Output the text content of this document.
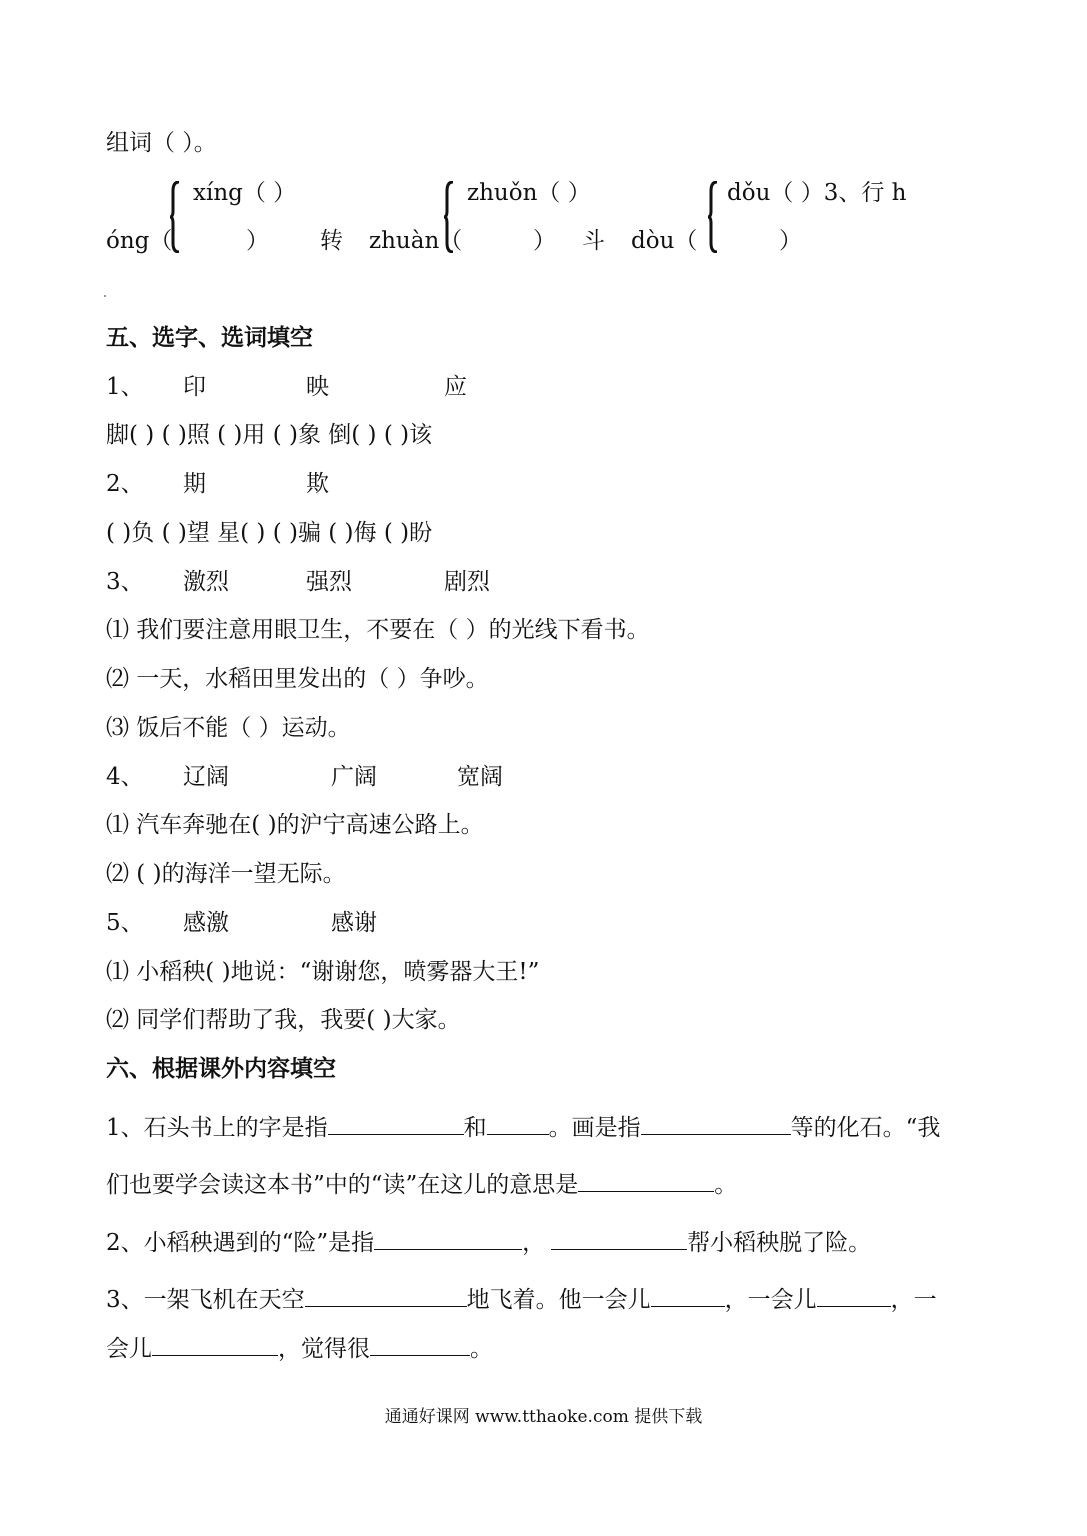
组词（ ）。
xíng（ ）	zhuǒn（ ）	dǒu（ ）3、行 h
óng（	） 转 zhuàn（	） 斗 dòu（	）
五、选字、选词填空
1、 印	映	应
脚( ) ( )照 ( )用 ( )象 倒( ) ( )该
2、 期	欺
( )负 ( )望 星( ) ( )骗 ( )侮 ( )盼
3、 激烈	强烈	剧烈
⑴ 我们要注意用眼卫生，不要在（ ）的光线下看书。
⑵ 一天，水稻田里发出的（ ）争吵。
⑶ 饭后不能（ ）运动。
4、 辽阔	广阔	宽阔
⑴ 汽车奔驰在( )的沪宁高速公路上。
⑵ ( )的海洋一望无际。
5、 感激	感谢
⑴ 小稻秧( )地说：“谢谢您，喷雾器大王!”
⑵ 同学们帮助了我，我要( )大家。
六、根据课外内容填空
1、石头书上的字是指	和	。画是指	等的化石。“我
们也要学会读这本书”中的“读”在这儿的意思是	。
2、小稻秧遇到的“险”是指	，	帮小稻秧脱了险。
3、一架飞机在天空	地飞着。他一会儿	，一会儿	，一
会儿	，觉得很	。
通通好课网 www.tthaoke.com 提供下载
